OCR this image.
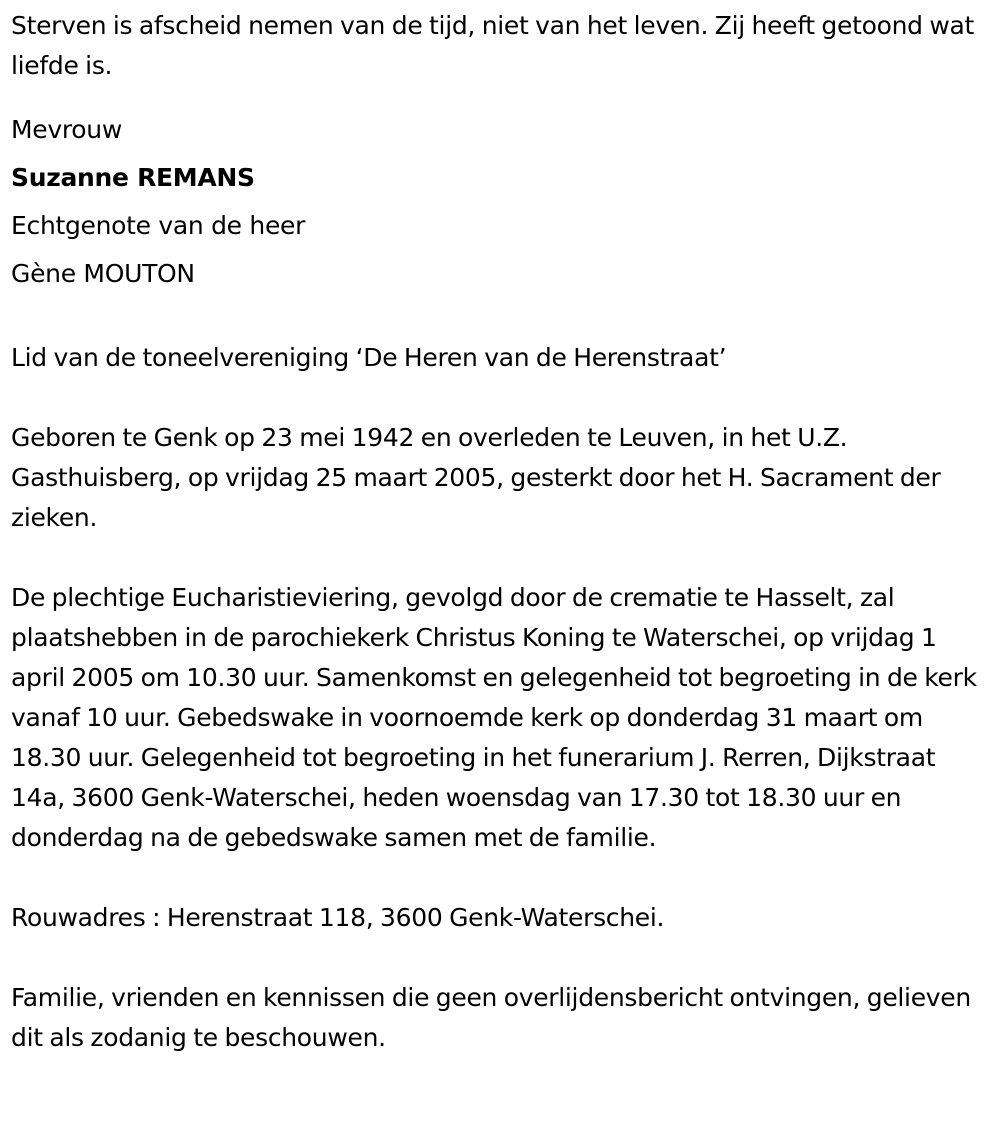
Sterven is afscheid nemen van de tijd, niet van het leven. Zij heeft getoond wat liefde is.

Mevrouw

Suzanne REMANS

Echtgenote van de heer

Gène MOUTON

Lid van de toneelvereniging ‘De Heren van de Herenstraat’

Geboren te Genk op 23 mei 1942 en overleden te Leuven, in het U.Z. Gasthuisberg, op vrijdag 25 maart 2005, gesterkt door het H. Sacrament der zieken.

De plechtige Eucharistieviering, gevolgd door de crematie te Hasselt, zal plaatshebben in de parochiekerk Christus Koning te Waterschei, op vrijdag 1 april 2005 om 10.30 uur. Samenkomst en gelegenheid tot begroeting in de kerk vanaf 10 uur. Gebedswake in voornoemde kerk op donderdag 31 maart om 18.30 uur. Gelegenheid tot begroeting in het funerarium J. Rerren, Dijkstraat 14a, 3600 Genk-Waterschei, heden woensdag van 17.30 tot 18.30 uur en donderdag na de gebedswake samen met de familie.

Rouwadres : Herenstraat 118, 3600 Genk-Waterschei.

Familie, vrienden en kennissen die geen overlijdensbericht ontvingen, gelieven dit als zodanig te beschouwen.
